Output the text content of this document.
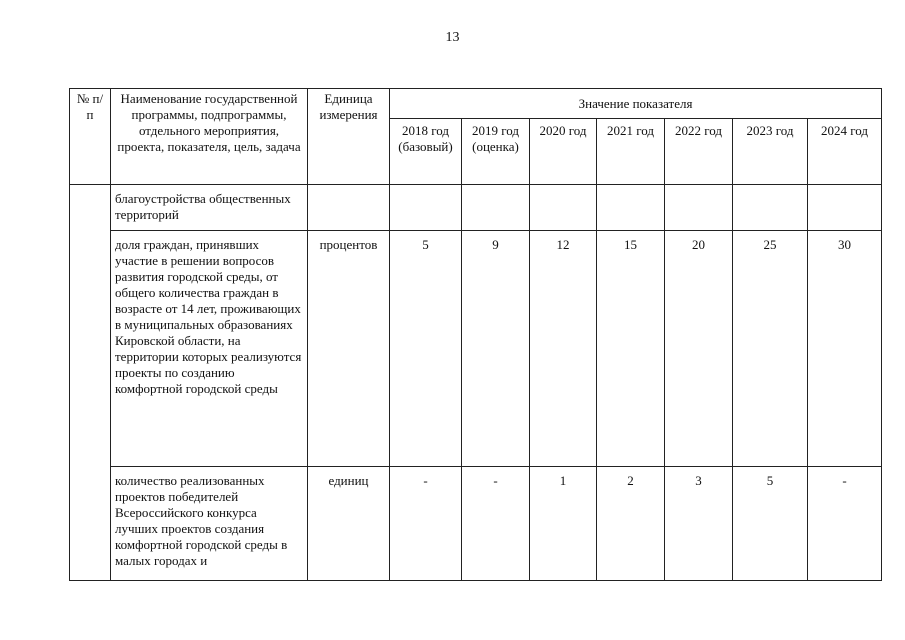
13
№ п/п	Наименование государственной программы, подпрограммы, отдельного мероприятия, проекта, показателя, цель, задача	Единица измерения	Значение показателя						
			2018 год (базовый)	2019 год (оценка)	2020 год	2021 год	2022 год	2023 год	2024 год
	благоустройства общественных территорий								
	доля граждан, принявших участие в решении вопросов развития городской среды, от общего количества граждан в возрасте от 14 лет, проживающих в муниципальных образованиях Кировской области, на территории которых реализуются проекты по созданию комфортной городской среды	процентов	5	9	12	15	20	25	30
	количество реализованных проектов победителей Всероссийского конкурса лучших проектов создания комфортной городской среды в малых городах и	единиц	-	-	1	2	3	5	-
